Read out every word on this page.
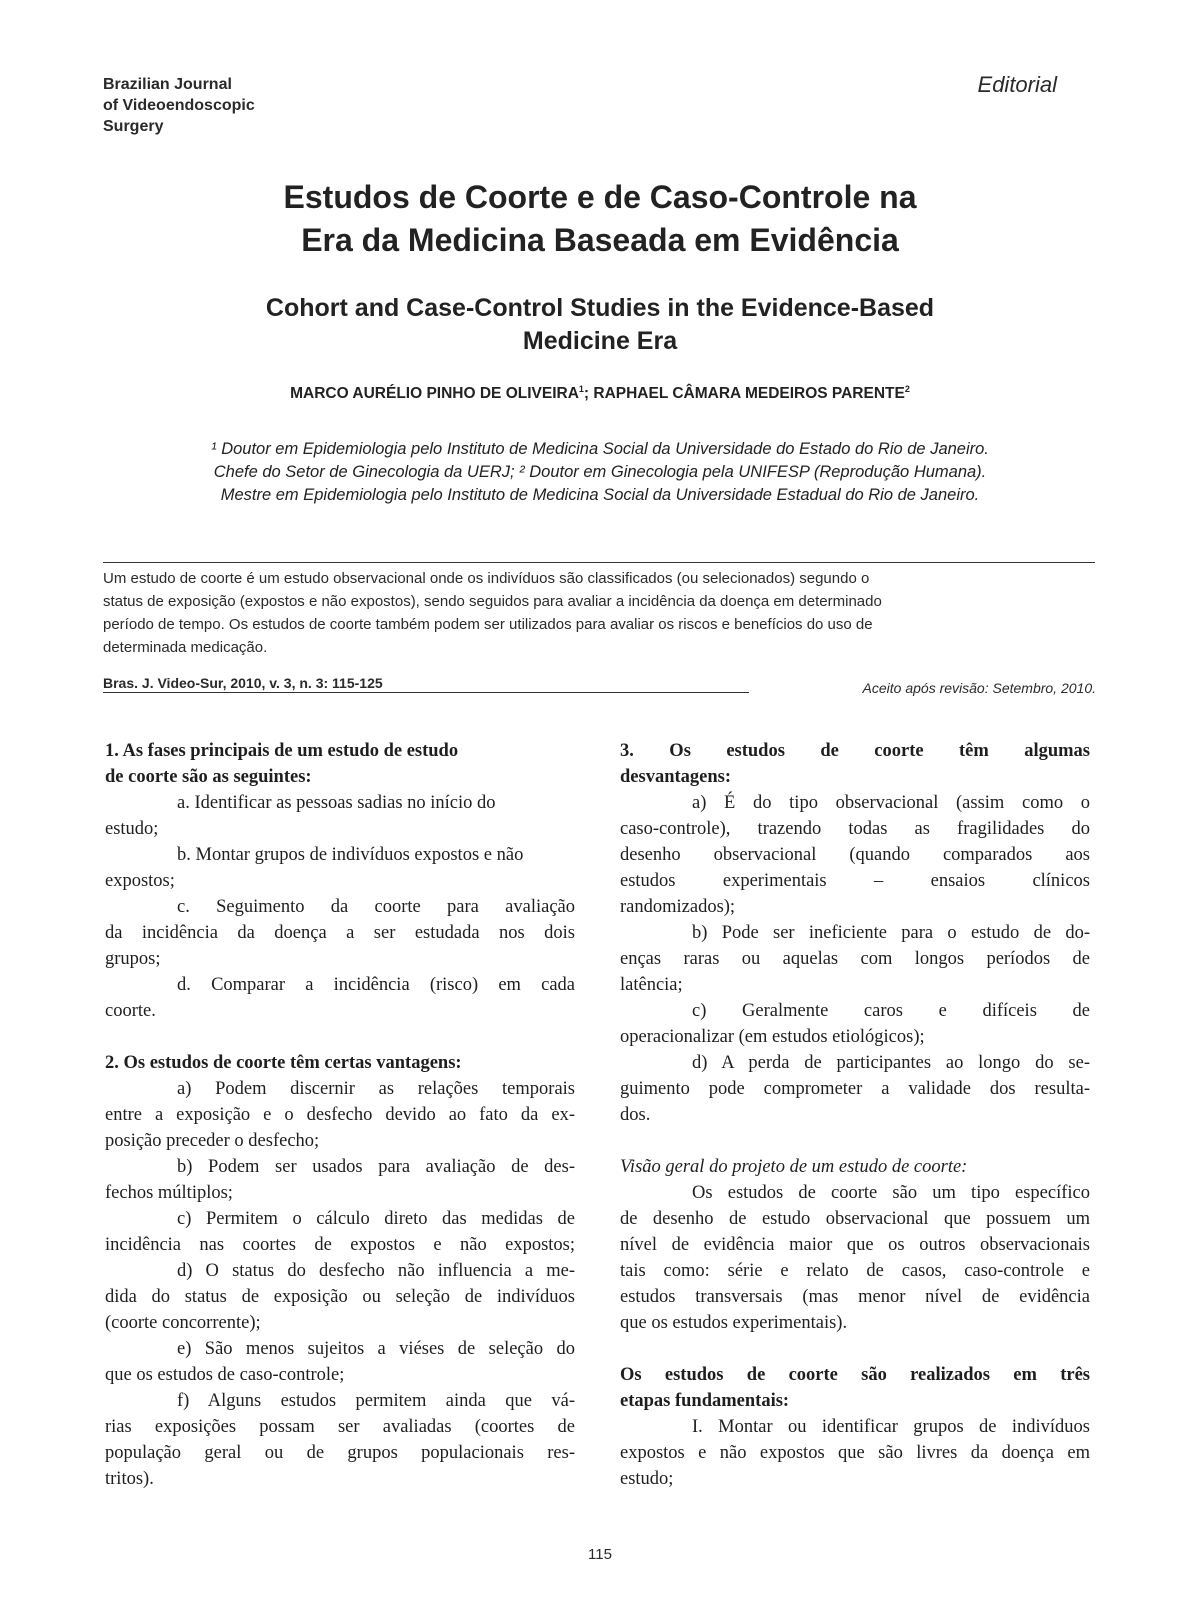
Brazilian Journal
of Videoendoscopic
Surgery
Editorial
Estudos de Coorte e de Caso-Controle na
Era da Medicina Baseada em Evidência
Cohort and Case-Control Studies in the Evidence-Based
Medicine Era
MARCO AURÉLIO PINHO DE OLIVEIRA$^1$; RAPHAEL CÂMARA MEDEIROS PARENTE$^2$
¹ Doutor em Epidemiologia pelo Instituto de Medicina Social da Universidade do Estado do Rio de Janeiro.
Chefe do Setor de Ginecologia da UERJ; ² Doutor em Ginecologia pela UNIFESP (Reprodução Humana).
Mestre em Epidemiologia pelo Instituto de Medicina Social da Universidade Estadual do Rio de Janeiro.
Um estudo de coorte é um estudo observacional onde os indivíduos são classificados (ou selecionados) segundo o
status de exposição (expostos e não expostos), sendo seguidos para avaliar a incidência da doença em determinado
período de tempo. Os estudos de coorte também podem ser utilizados para avaliar os riscos e benefícios do uso de
determinada medicação.
Bras. J. Video-Sur, 2010, v. 3, n. 3: 115-125	Aceito após revisão: Setembro, 2010.
1. As fases principais de um estudo de estudo
de coorte são as seguintes:
a. Identificar as pessoas sadias no início do
estudo;
b. Montar grupos de indivíduos expostos e não
expostos;
c. Seguimento da coorte para avaliação
da incidência da doença a ser estudada nos dois
grupos;
d. Comparar a incidência (risco) em cada
coorte.
2. Os estudos de coorte têm certas vantagens:
a) Podem discernir as relações temporais
entre a exposição e o desfecho devido ao fato da ex-
posição preceder o desfecho;
b) Podem ser usados para avaliação de des-
fechos múltiplos;
c) Permitem o cálculo direto das medidas de
incidência nas coortes de expostos e não expostos;
d) O status do desfecho não influencia a me-
dida do status de exposição ou seleção de indivíduos
(coorte concorrente);
e) São menos sujeitos a viéses de seleção do
que os estudos de caso-controle;
f) Alguns estudos permitem ainda que vá-
rias exposições possam ser avaliadas (coortes de
população geral ou de grupos populacionais res-
tritos).
3. Os estudos de coorte têm algumas
desvantagens:
a) É do tipo observacional (assim como o
caso-controle), trazendo todas as fragilidades do
desenho observacional (quando comparados aos
estudos experimentais – ensaios clínicos
randomizados);
b) Pode ser ineficiente para o estudo de do-
enças raras ou aquelas com longos períodos de
latência;
c) Geralmente caros e difíceis de
operacionalizar (em estudos etiológicos);
d) A perda de participantes ao longo do se-
guimento pode comprometer a validade dos resulta-
dos.
Visão geral do projeto de um estudo de coorte:
Os estudos de coorte são um tipo específico
de desenho de estudo observacional que possuem um
nível de evidência maior que os outros observacionais
tais como: série e relato de casos, caso-controle e
estudos transversais (mas menor nível de evidência
que os estudos experimentais).
Os estudos de coorte são realizados em três
etapas fundamentais:
I. Montar ou identificar grupos de indivíduos
expostos e não expostos que são livres da doença em
estudo;
115
